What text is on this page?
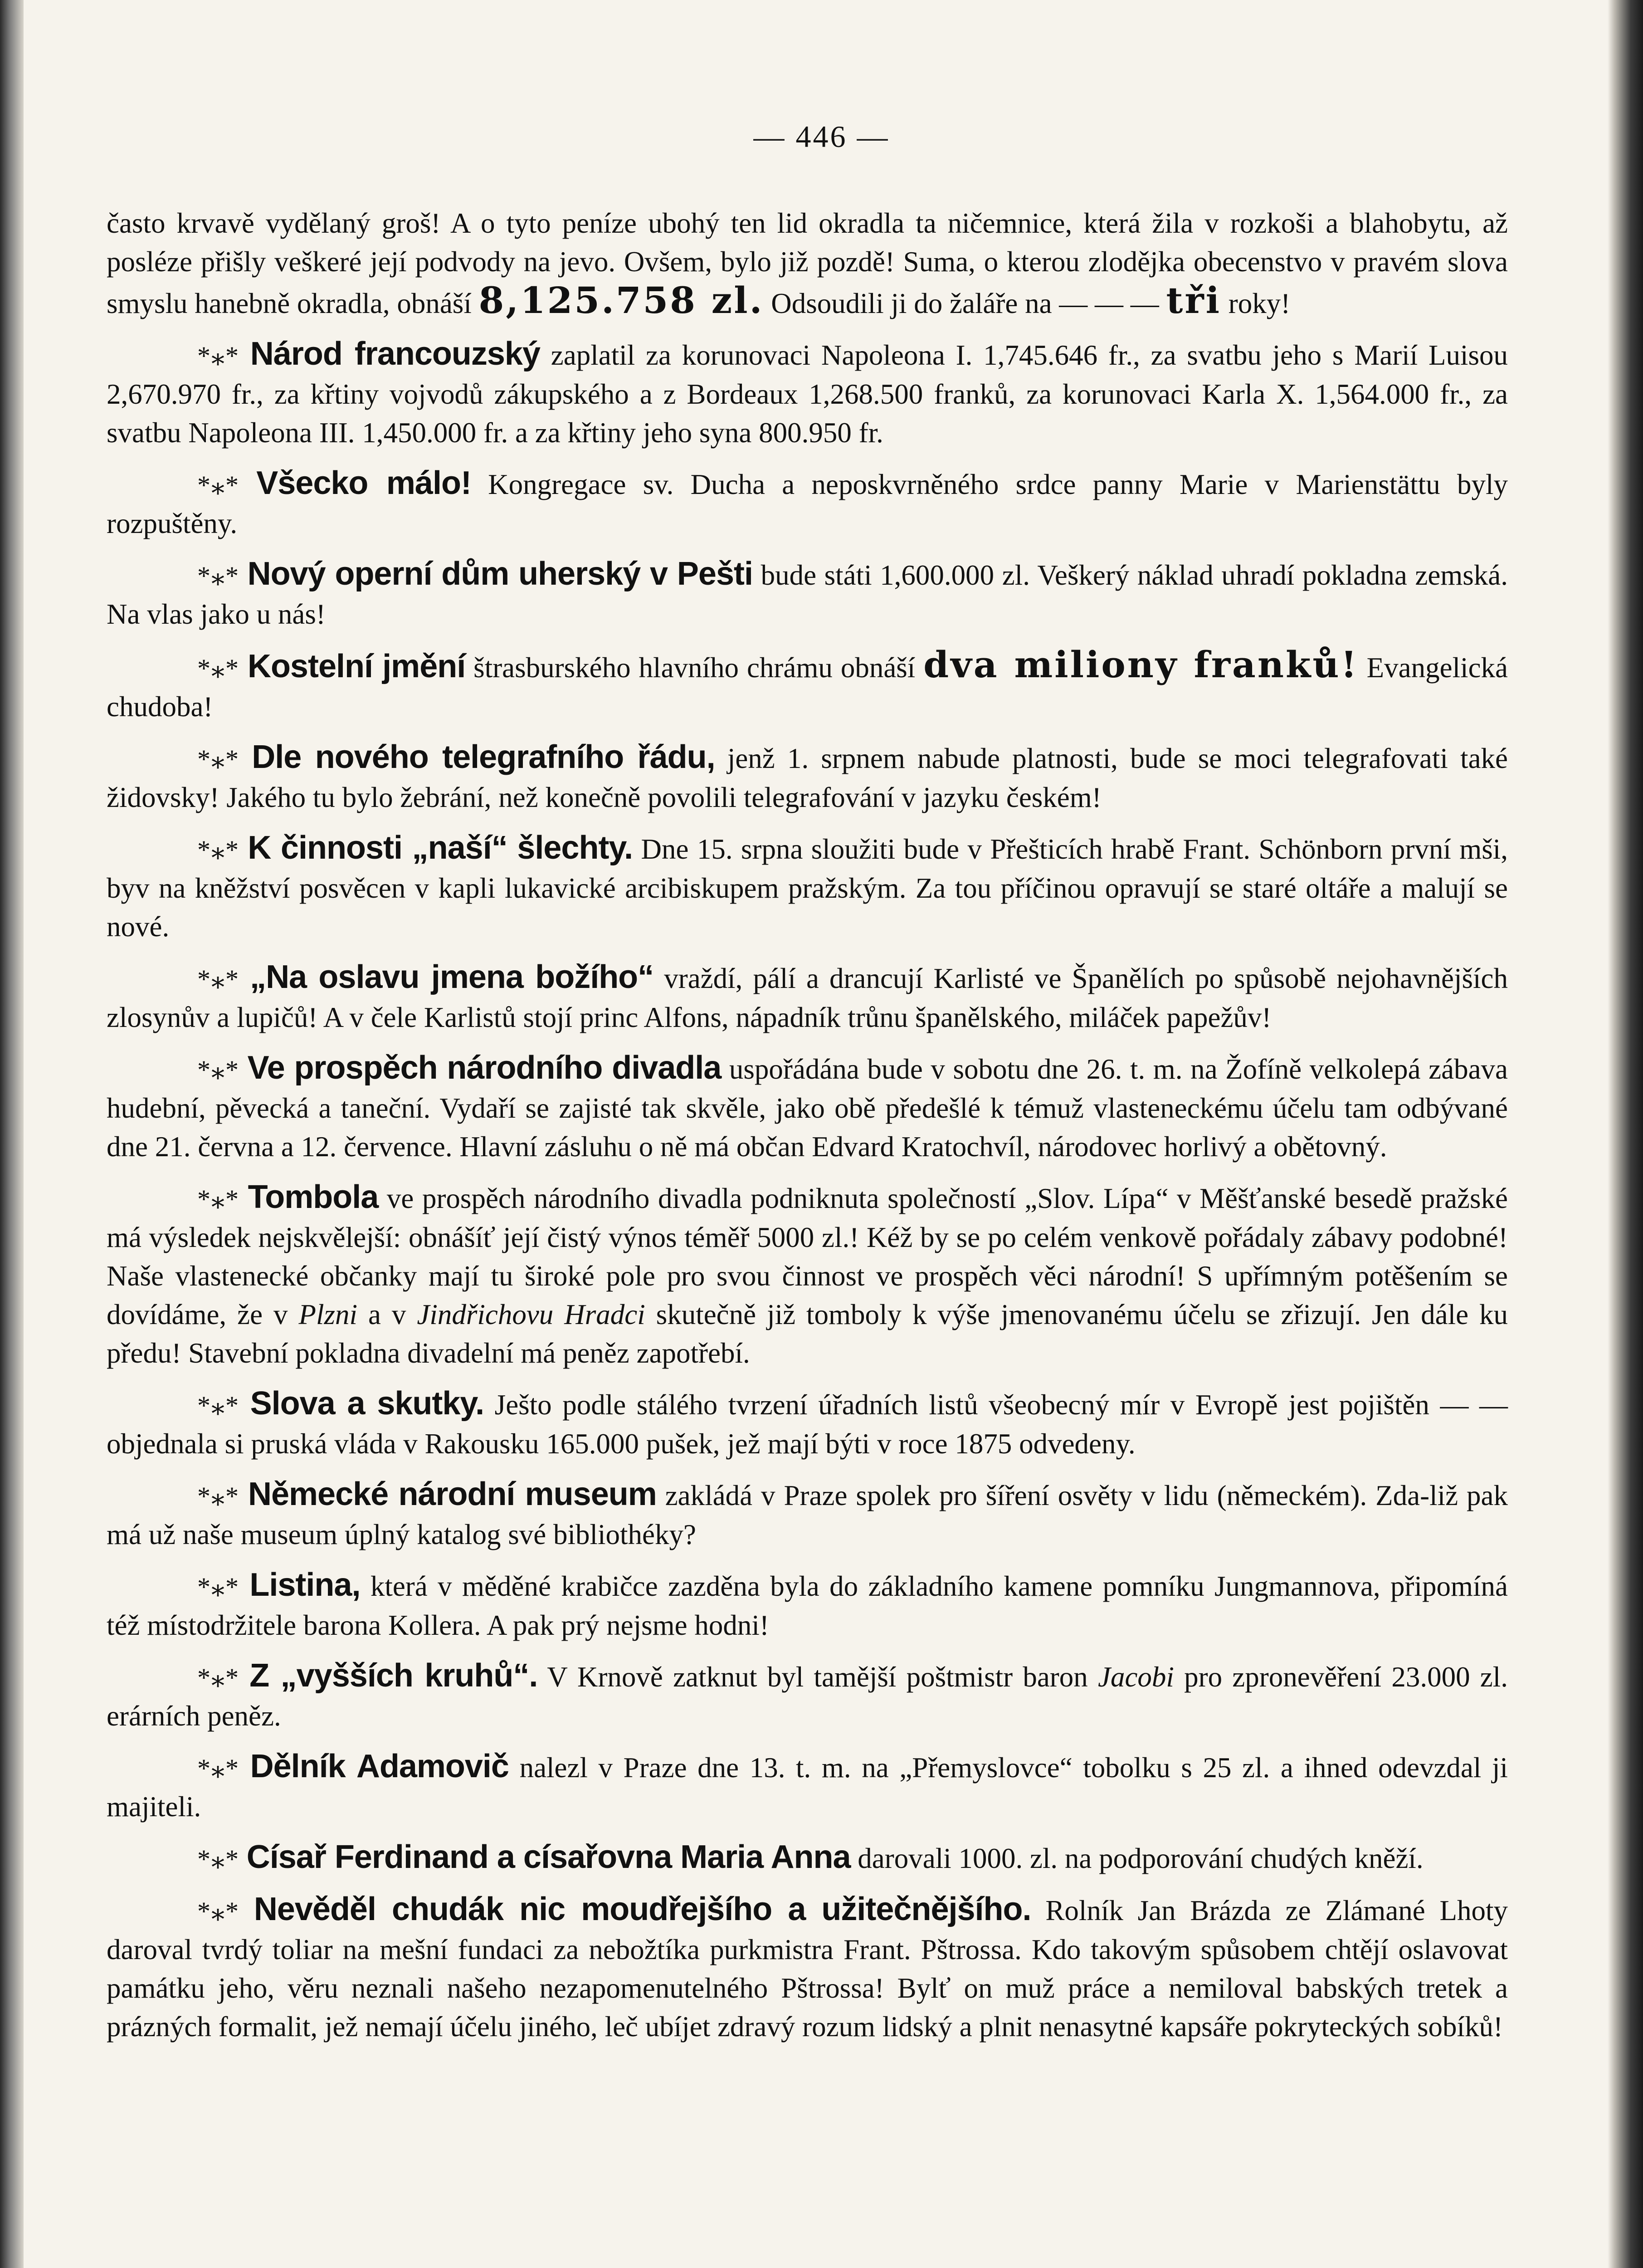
— 446 —

často krvavě vydělaný groš! A o tyto peníze ubohý ten lid okradla ta ničemnice, která žila v rozkoši a blahobytu, až posléze přišly veškeré její podvody na jevo. Ovšem, bylo již pozdě! Suma, o kterou zlodějka obecenstvo v pravém slova smyslu hanebně okradla, obnáší 8,125.758 zl. Odsoudili ji do žaláře na — — — tři roky!

*⁎* Národ francouzský zaplatil za korunovaci Napoleona I. 1,745.646 fr., za svatbu jeho s Marií Luisou 2,670.970 fr., za křtiny vojvodů zákupského a z Bordeaux 1,268.500 franků, za korunovaci Karla X. 1,564.000 fr., za svatbu Napoleona III. 1,450.000 fr. a za křtiny jeho syna 800.950 fr.

*⁎* Všecko málo! Kongregace sv. Ducha a neposkvrněného srdce panny Marie v Marienstättu byly rozpuštěny.

*⁎* Nový operní dům uherský v Pešti bude státi 1,600.000 zl. Veškerý náklad uhradí pokladna zemská. Na vlas jako u nás!

*⁎* Kostelní jmění štrasburského hlavního chrámu obnáší dva miliony franků! Evangelická chudoba!

*⁎* Dle nového telegrafního řádu, jenž 1. srpnem nabude platnosti, bude se moci telegrafovati také židovsky! Jakého tu bylo žebrání, než konečně povolili telegrafování v jazyku českém!

*⁎* K činnosti „naší“ šlechty. Dne 15. srpna sloužiti bude v Přešticích hrabě Frant. Schönborn první mši, byv na kněžství posvěcen v kapli lukavické arcibiskupem pražským. Za tou příčinou opravují se staré oltáře a malují se nové.

*⁎* „Na oslavu jmena božího“ vraždí, pálí a drancují Karlisté ve Španělích po spůsobě nejohavnějších zlosynův a lupičů! A v čele Karlistů stojí princ Alfons, nápadník trůnu španělského, miláček papežův!

*⁎* Ve prospěch národního divadla uspořádána bude v sobotu dne 26. t. m. na Žofíně velkolepá zábava hudební, pěvecká a taneční. Vydaří se zajisté tak skvěle, jako obě předešlé k témuž vlasteneckému účelu tam odbývané dne 21. června a 12. července. Hlavní zásluhu o ně má občan Edvard Kratochvíl, národovec horlivý a obětovný.

*⁎* Tombola ve prospěch národního divadla podniknuta společností „Slov. Lípa“ v Měšťanské besedě pražské má výsledek nejskvělejší: obnášíť její čistý výnos téměř 5000 zl.! Kéž by se po celém venkově pořádaly zábavy podobné! Naše vlastenecké občanky mají tu široké pole pro svou činnost ve prospěch věci národní! S upřímným potěšením se dovídáme, že v Plzni a v Jindřichovu Hradci skutečně již tomboly k výše jmenovanému účelu se zřizují. Jen dále ku předu! Stavební pokladna divadelní má peněz zapotřebí.

*⁎* Slova a skutky. Ješto podle stálého tvrzení úřadních listů všeobecný mír v Evropě jest pojištěn — — objednala si pruská vláda v Rakousku 165.000 pušek, jež mají býti v roce 1875 odvedeny.

*⁎* Německé národní museum zakládá v Praze spolek pro šíření osvěty v lidu (německém). Zda-liž pak má už naše museum úplný katalog své bibliothéky?

*⁎* Listina, která v měděné krabičce zazděna byla do základního kamene pomníku Jungmannova, připomíná též místodržitele barona Kollera. A pak prý nejsme hodni!

*⁎* Z „vyšších kruhů“. V Krnově zatknut byl tamější poštmistr baron Jacobi pro zpronevěření 23.000 zl. erárních peněz.

*⁎* Dělník Adamovič nalezl v Praze dne 13. t. m. na „Přemyslovce“ tobolku s 25 zl. a ihned odevzdal ji majiteli.

*⁎* Císař Ferdinand a císařovna Maria Anna darovali 1000. zl. na podporování chudých kněží.

*⁎* Nevěděl chudák nic moudřejšího a užitečnějšího. Rolník Jan Brázda ze Zlámané Lhoty daroval tvrdý toliar na mešní fundaci za nebožtíka purkmistra Frant. Pštrossa. Kdo takovým spůsobem chtějí oslavovat památku jeho, věru neznali našeho nezapomenutelného Pštrossa! Bylť on muž práce a nemiloval babských tretek a prázných formalit, jež nemají účelu jiného, leč ubíjet zdravý rozum lidský a plnit nenasytné kapsáře pokrytеckých sobíků!
